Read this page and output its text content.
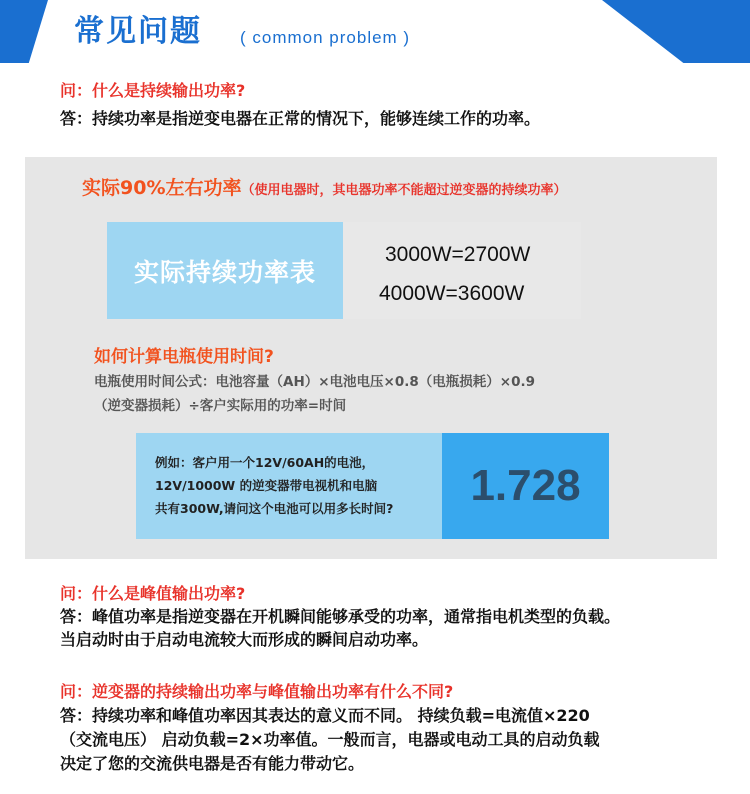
常见问题 ( common problem )
问：什么是持续输出功率?
答：持续功率是指逆变电器在正常的情况下，能够连续工作的功率。
实际90%左右功率（使用电器时，其电器功率不能超过逆变器的持续功率）
实际持续功率表
3000W=2700W
4000W=3600W
如何计算电瓶使用时间?
电瓶使用时间公式：电池容量（AH）×电池电压×0.8（电瓶损耗）×0.9
（逆变器损耗）÷客户实际用的功率=时间
例如：客户用一个12V/60AH的电池，
12V/1000W 的逆变器带电视机和电脑
共有300W,请问这个电池可以用多长时间? 1.728
问：什么是峰值输出功率?
答：峰值功率是指逆变器在开机瞬间能够承受的功率，通常指电机类型的负载。
当启动时由于启动电流较大而形成的瞬间启动功率。
问：逆变器的持续输出功率与峰值输出功率有什么不同?
答：持续功率和峰值功率因其表达的意义而不同。 持续负载=电流值×220
（交流电压） 启动负载=2×功率值。一般而言，电器或电动工具的启动负载
决定了您的交流供电器是否有能力带动它。
